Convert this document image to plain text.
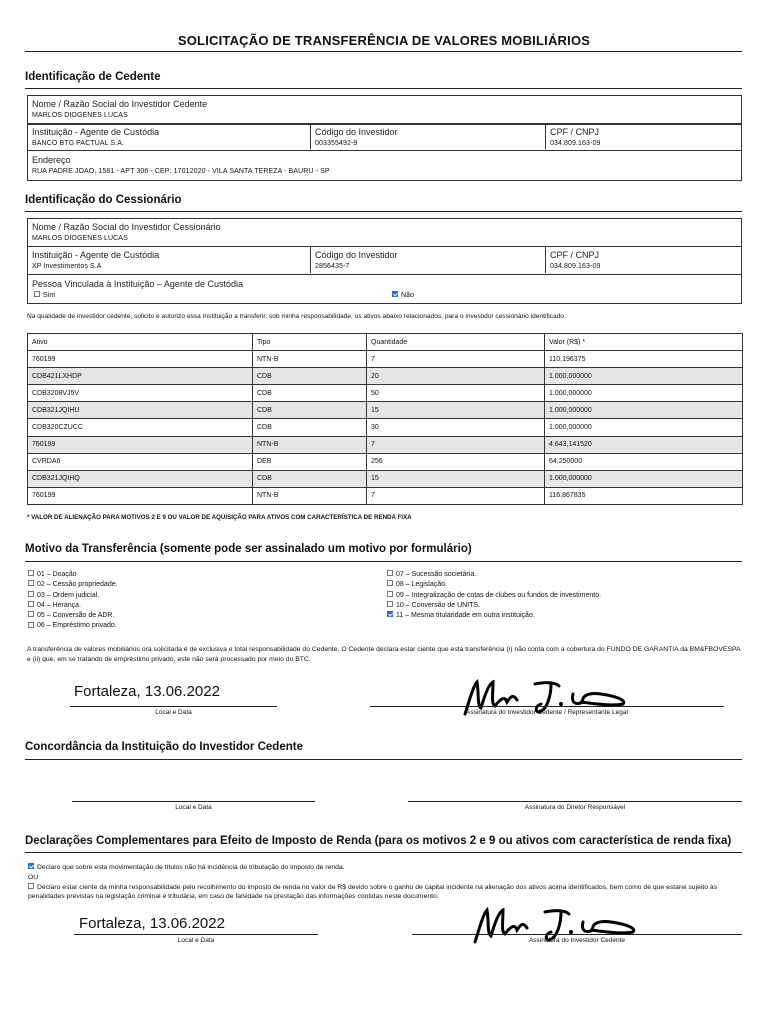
SOLICITAÇÃO DE TRANSFERÊNCIA DE VALORES MOBILIÁRIOS
Identificação de Cedente
Nome / Razão Social do Investidor Cedente
MARLOS DIOGENES LUCAS
Instituição - Agente de Custódia
BANCO BTG PACTUAL S.A.
Código do Investidor
003355492-9
CPF / CNPJ
034.809.163-09
Endereço
RUA PADRE JOAO, 1581 - APT 306 - CEP: 17012020 - VILA SANTA TEREZA - BAURU - SP
Identificação do Cessionário
Nome / Razão Social do Investidor Cessionário
MARLOS DIOGENES LUCAS
Instituição - Agente de Custódia
XP Investimentos S.A
Código do Investidor
2856435-7
CPF / CNPJ
034.809.163-09
Pessoa Vinculada à Instituição – Agente de Custódia
Sim	Não
Na qualidade de investidor cedente, solicito e autorizo essa Instituição a transferir, sob minha responsabilidade, os ativos abaixo relacionados, para o investidor cessionário identificado.
Ativo	Tipo	Quantidade	Valor (R$) *
760199	NTN-B	7	110,196375
CDB421LXHDP	CDB	20	1.000,000000
CDB3208VJ5V	CDB	50	1.000,000000
CDB321JQIHU	CDB	15	1.000,000000
CDB320CZUCC	CDB	30	1.000,000000
760199	NTN-B	7	4.643,141520
CVRDA6	DEB	256	64,250000
CDB321JQIHQ	CDB	15	1.000,000000
760199	NTN-B	7	116,867835
* VALOR DE ALIENAÇÃO PARA MOTIVOS 2 E 9 OU VALOR DE AQUISIÇÃO PARA ATIVOS COM CARACTERÍSTICA DE RENDA FIXA
Motivo da Transferência (somente pode ser assinalado um motivo por formulário)
01 – Doação
02 – Cessão propriedade.
03 – Ordem judicial.
04 – Herança.
05 – Conversão de ADR.
06 – Empréstimo privado.
07 – Sucessão societária.
08 – Legislação.
09 – Integralização de cotas de clubes ou fundos de investimento.
10 – Conversão de UNITS.
11 – Mesma titularidade em outra instituição.
A transferência de valores mobiliários ora solicitada é de exclusiva e total responsabilidade do Cedente. O Cedente declara estar ciente que esta transferência (i) não conta com a cobertura do FUNDO DE GARANTIA da BM&FBOVESPA e (ii) que, em se tratando de empréstimo privado, este não será processado por meio do BTC.
Fortaleza, 13.06.2022
Local e Data	Assinatura do Investidor Cedente / Representante Legal
Concordância da Instituição do Investidor Cedente
Local e Data	Assinatura do Diretor Responsável
Declarações Complementares para Efeito de Imposto de Renda (para os motivos 2 e 9 ou ativos com característica de renda fixa)
Declaro que sobre esta movimentação de títulos não há incidência de tributação do imposto de renda.
OU
Declaro estar ciente da minha responsabilidade pelo recolhimento do imposto de renda no valor de R$ devido sobre o ganho de capital incidente na alienação dos ativos acima identificados, bem como de que estarei sujeito às penalidades previstas na legislação criminal e tributária, em caso de falsidade na prestação das informações contidas neste documento.
Fortaleza, 13.06.2022
Local e Data	Assinatura do Investidor Cedente
